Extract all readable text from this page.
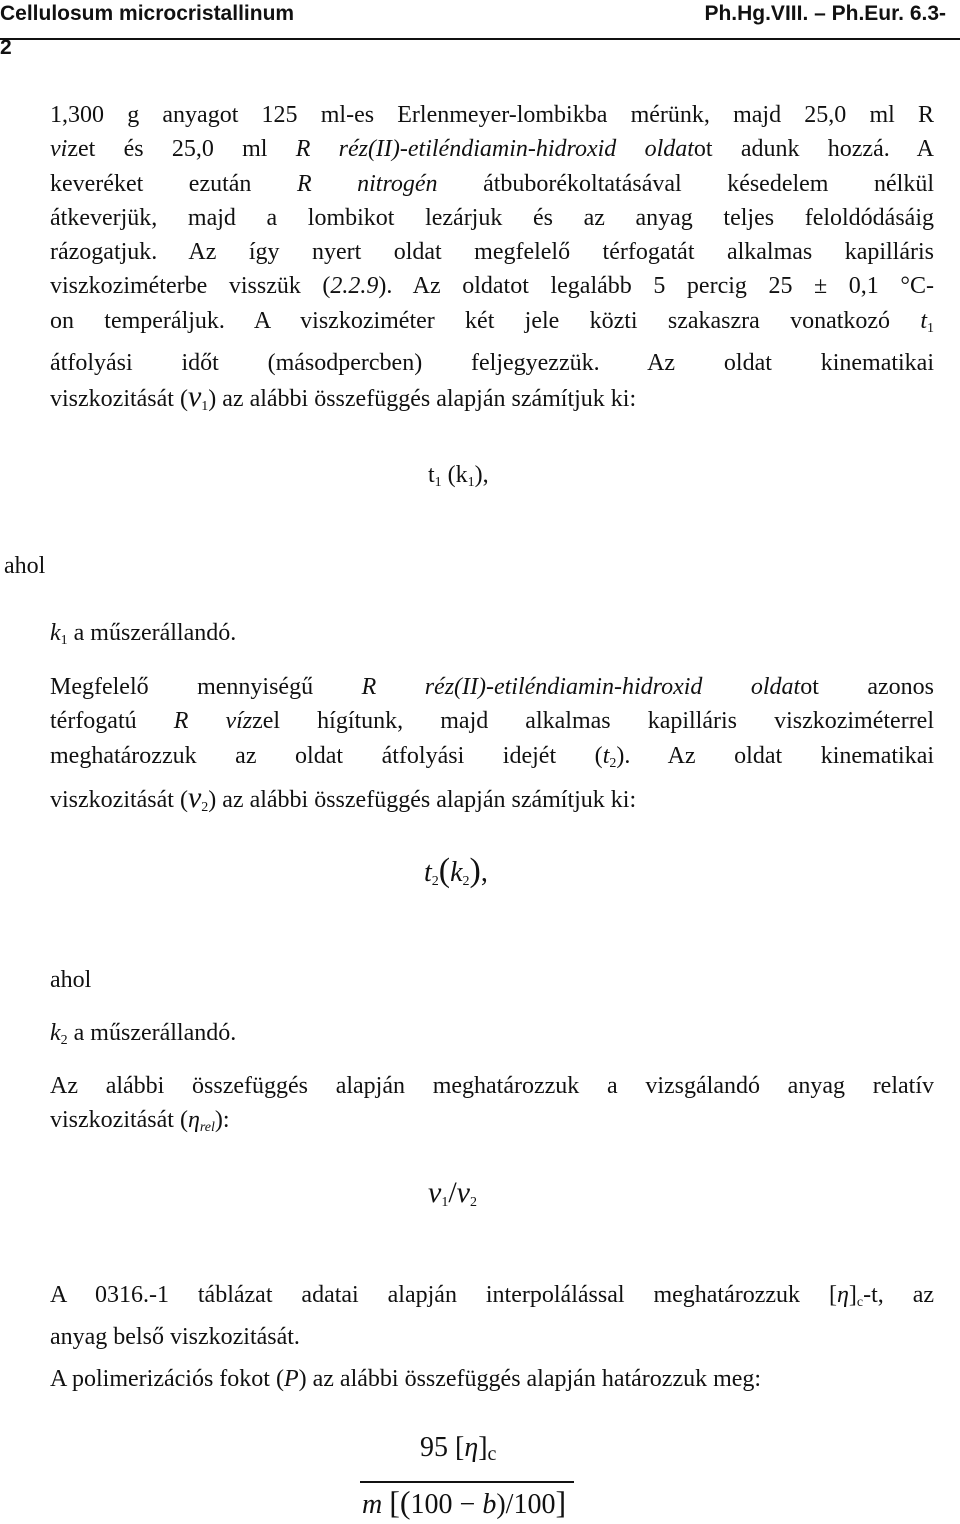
Cellulosum microcristallinum	Ph.Hg.VIII. – Ph.Eur. 6.3-
2
1,300 g anyagot 125 ml-es Erlenmeyer-lombikba mérünk, majd 25,0 ml R
vizet és 25,0 ml R réz(II)-etiléndiamin-hidroxid oldatot adunk hozzá. A
keveréket ezután R nitrogén átbuborékoltatásával késedelem nélkül
átkeverjük, majd a lombikot lezárjuk és az anyag teljes feloldódásáig
rázogatjuk. Az így nyert oldat megfelelő térfogatát alkalmas kapilláris
viszkoziméterbe visszük (2.2.9). Az oldatot legalább 5 percig 25 ± 0,1 °C-
on temperáljuk. A viszkoziméter két jele közti szakaszra vonatkozó $t_1$
átfolyási időt (másodpercben) feljegyezzük. Az oldat kinematikai
viszkozitását $(\nu_1)$ az alábbi összefüggés alapján számítjuk ki:
$t_1$ $(k_1)$,
ahol
$k_1$ a műszerállandó.
Megfelelő mennyiségű R réz(II)-etiléndiamin-hidroxid oldatot azonos
térfogatú R vízzel hígítunk, majd alkalmas kapilláris viszkoziméterrel
meghatározzuk az oldat átfolyási idejét $(t_2)$. Az oldat kinematikai
viszkozitását $(\nu_2)$ az alábbi összefüggés alapján számítjuk ki:
$t_2(k_2)$,
ahol
$k_2$ a műszerállandó.
Az alábbi összefüggés alapján meghatározzuk a vizsgálandó anyag relatív
viszkozitását $(\eta_{rel})$:
$\nu_1/\nu_2$
A 0316.-1 táblázat adatai alapján interpolálással meghatározzuk $[\eta]_c-t$, az
anyag belső viszkozitását.
A polimerizációs fokot (P) az alábbi összefüggés alapján határozzuk meg:
95 $[\eta]_c$
m [(100 − b)/100]
